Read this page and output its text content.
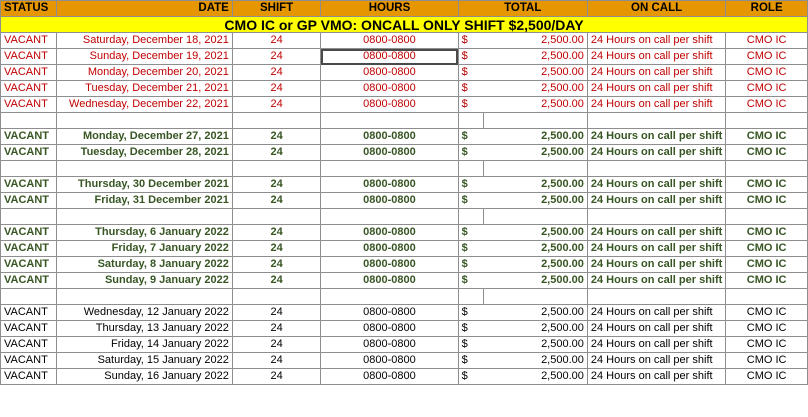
STATUS	DATE	SHIFT	HOURS	TOTAL		ON CALL	ROLE
CMO IC or GP VMO: ONCALL ONLY SHIFT $2,500/DAY							
VACANT	Saturday, December 18, 2021	24	0800-0800	$	2,500.00	24 Hours on call per shift	CMO IC
VACANT	Sunday, December 19, 2021	24	0800-0800	$	2,500.00	24 Hours on call per shift	CMO IC
VACANT	Monday, December 20, 2021	24	0800-0800	$	2,500.00	24 Hours on call per shift	CMO IC
VACANT	Tuesday, December 21, 2021	24	0800-0800	$	2,500.00	24 Hours on call per shift	CMO IC
VACANT	Wednesday, December 22, 2021	24	0800-0800	$	2,500.00	24 Hours on call per shift	CMO IC

VACANT	Monday, December 27, 2021	24	0800-0800	$	2,500.00	24 Hours on call per shift	CMO IC
VACANT	Tuesday, December 28, 2021	24	0800-0800	$	2,500.00	24 Hours on call per shift	CMO IC

VACANT	Thursday, 30 December 2021	24	0800-0800	$	2,500.00	24 Hours on call per shift	CMO IC
VACANT	Friday, 31 December 2021	24	0800-0800	$	2,500.00	24 Hours on call per shift	CMO IC

VACANT	Thursday, 6 January 2022	24	0800-0800	$	2,500.00	24 Hours on call per shift	CMO IC
VACANT	Friday, 7 January 2022	24	0800-0800	$	2,500.00	24 Hours on call per shift	CMO IC
VACANT	Saturday, 8 January 2022	24	0800-0800	$	2,500.00	24 Hours on call per shift	CMO IC
VACANT	Sunday, 9 January 2022	24	0800-0800	$	2,500.00	24 Hours on call per shift	CMO IC

VACANT	Wednesday, 12 January 2022	24	0800-0800	$	2,500.00	24 Hours on call per shift	CMO IC
VACANT	Thursday, 13 January 2022	24	0800-0800	$	2,500.00	24 Hours on call per shift	CMO IC
VACANT	Friday, 14 January 2022	24	0800-0800	$	2,500.00	24 Hours on call per shift	CMO IC
VACANT	Saturday, 15 January 2022	24	0800-0800	$	2,500.00	24 Hours on call per shift	CMO IC
VACANT	Sunday, 16 January 2022	24	0800-0800	$	2,500.00	24 Hours on call per shift	CMO IC
